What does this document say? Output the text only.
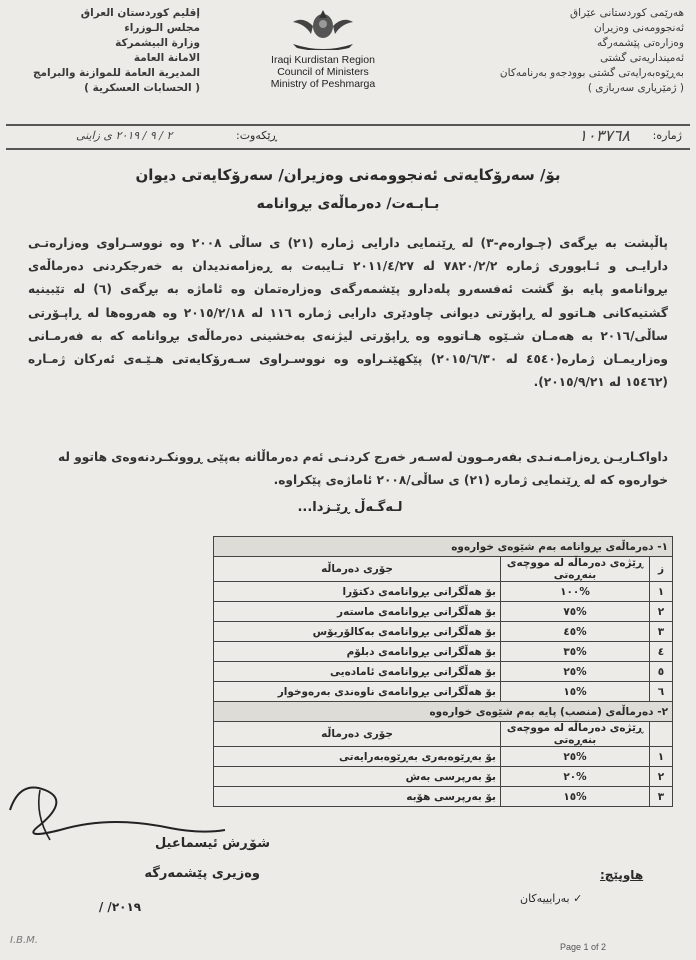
إقليم كوردستان العراق
مجلس الـوزراء
وزارة البيشمركة
الامانة العامة
المديرية العامة للموازنة والبرامج
( الحسابات العسكرية )
Iraqi Kurdistan Region
Council of Ministers
Ministry of Peshmarga
هەرێمی کوردستانی عێراق
ئەنجوومەنی وەزیران
وەزارەتی پێشمەرگە
ئەمینداریەتی گشتی
بەڕێوەبەرایەتی گشتی بوودجەو بەرنامەکان
( ژمێریاری سەربازی )
ژمارە:
١٠٣٧٦٨
ڕێکەوت:
٢ / ٩ / ٢٠١٩ ی زاینی
بۆ/ سەرۆکایەتی ئەنجوومەنی وەزیران/ سەرۆکایەتی دیوان
بـابـەت/ دەرماڵەی بڕوانامە
پاڵپشت بە بڕگەی (چـوارەم-٣) لە ڕێنمایی دارایی ژمارە (٢١) ی ساڵی ٢٠٠٨ وە نووسـراوی وەزارەتـی دارایـی و ئـابووری ژمارە ٧٨٢٠/٢/٢ لە ٢٠١١/٤/٢٧ تـایبەت بە ڕەزامەندیدان بە خەرجکردنی دەرماڵەی بڕوانامەو پایە بۆ گشت ئەفسەرو پلەدارو پێشمەرگەی وەزارەتمان وە ئاماژە بە بڕگەی (٦) لە تێبینیە گشتیەکانی هـاتوو لە ڕاپۆرتی دیوانی چاودێری دارایی ژمارە ١١٦ لە ٢٠١٥/٢/١٨ وە هەروەها لە ڕاپـۆرتی ساڵی/٢٠١٦ بە هەمـان شـێوە هـاتووە وە ڕاپۆرتی لیژنەی بەخشینی دەرماڵەی بڕوانامە کە بە فەرمـانی وەزاریمـان ژمارە(٤٥٤٠ لە ٢٠١٥/٦/٣٠) پێکهێنـراوە وە نووسـراوی سـەرۆکایەتی هـێـەی ئەرکان ژمـارە (١٥٤٦٢ لە ٢٠١٥/٩/٢١).
داواکـاریـن ڕەزامـەنـدی بفەرمـوون لەسـەر خەرج کردنـی ئەم دەرماڵانە بەپێی ڕوونکـردنەوەی هاتوو لە خوارەوە کە لە ڕێنمایی ژمارە (٢١) ی ساڵی/٢٠٠٨ ئاماژەی پێکراوە.
لـەگـەڵ ڕێـزدا...
١- دەرماڵەی بڕوانامە بەم شێوەی خوارەوە		
ز	ڕێژەی دەرماڵە لە مووچەی بنەڕەتی	جۆری دەرماڵە
١	%١٠٠	بۆ هەڵگرانی بڕوانامەی دکتۆرا
٢	%٧٥	بۆ هەڵگرانی بڕوانامەی ماستەر
٣	%٤٥	بۆ هەڵگرانی بڕوانامەی بەکالۆریۆس
٤	%٣٥	بۆ هەڵگرانی بڕوانامەی دبلۆم
٥	%٢٥	بۆ هەڵگرانی بڕوانامەی ئامادەیی
٦	%١٥	بۆ هەڵگرانی بڕوانامەی ناوەندی بەرەوخوار
٢- دەرماڵەی (منصب) پایە بەم شێوەی خوارەوە		
	ڕێژەی دەرماڵە لە مووچەی بنەڕەتی	جۆری دەرماڵە
١	%٢٥	بۆ بەڕێوەبەری بەڕێوەبەرایەتی
٢	%٢٠	بۆ بەرپرسی بەش
٣	%١٥	بۆ بەرپرسی هۆبە
شۆڕش ئیسماعیل
وەزیری پێشمەرگە
/ /٢٠١٩
هاوپێچ:
✓ بەرایییەکان
I.B.M.
Page 1 of 2
